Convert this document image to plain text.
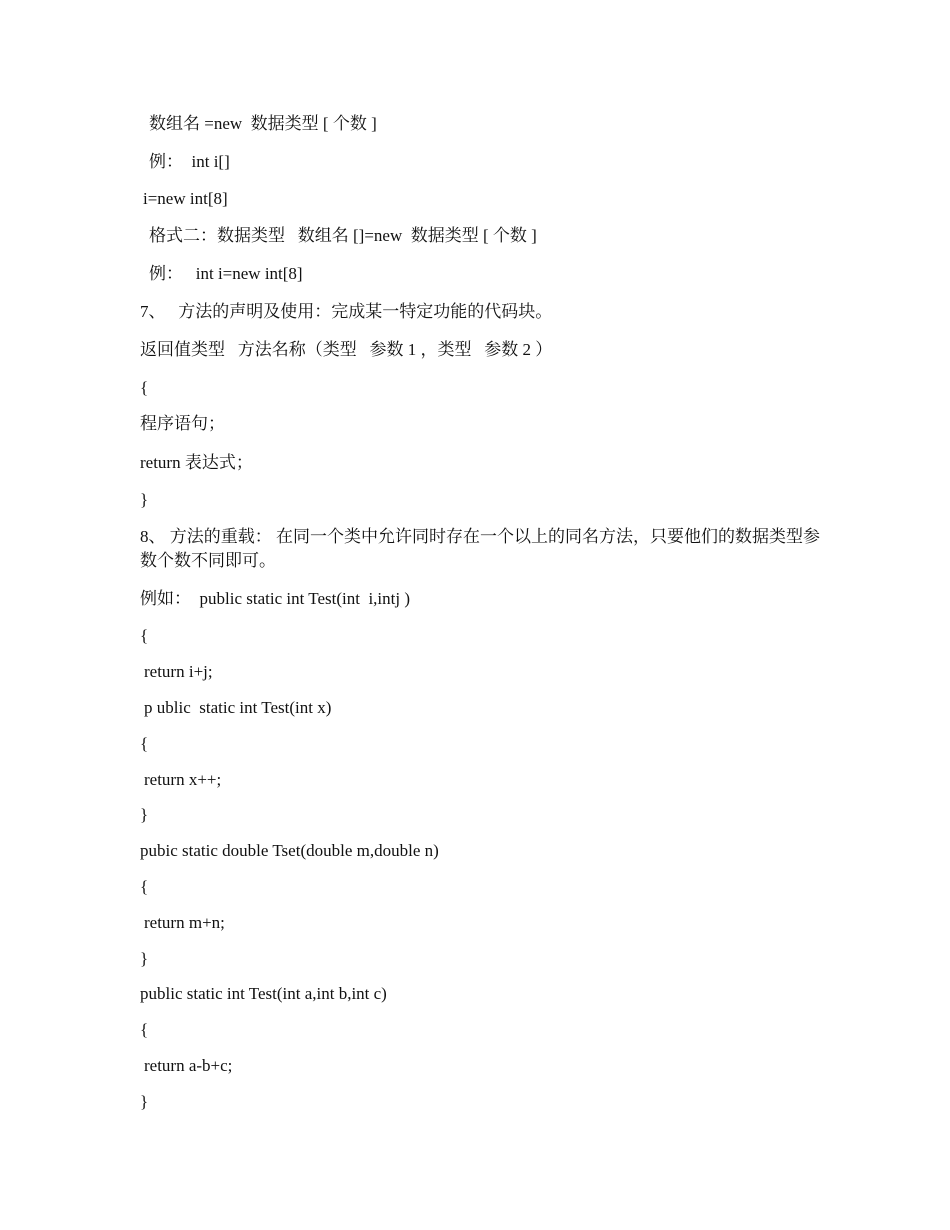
数组名 =new  数据类型 [ 个数 ]
例：  int i[]
i=new int[8]
格式二：数据类型   数组名 []=new  数据类型 [ 个数 ]
例：   int i=new int[8]
7、   方法的声明及使用：完成某一特定功能的代码块。
返回值类型   方法名称（类型   参数 1 ，类型   参数 2 ）
{
程序语句；
return 表达式；
}
8、 方法的重载： 在同一个类中允许同时存在一个以上的同名方法，只要他们的数据类型参数个数不同即可。
例如：  public static int Test(int  i,intj )
{
return i+j;
p ublic  static int Test(int x)
{
return x++;
}
pubic static double Tset(double m,double n)
{
return m+n;
}
public static int Test(int a,int b,int c)
{
return a-b+c;
}
